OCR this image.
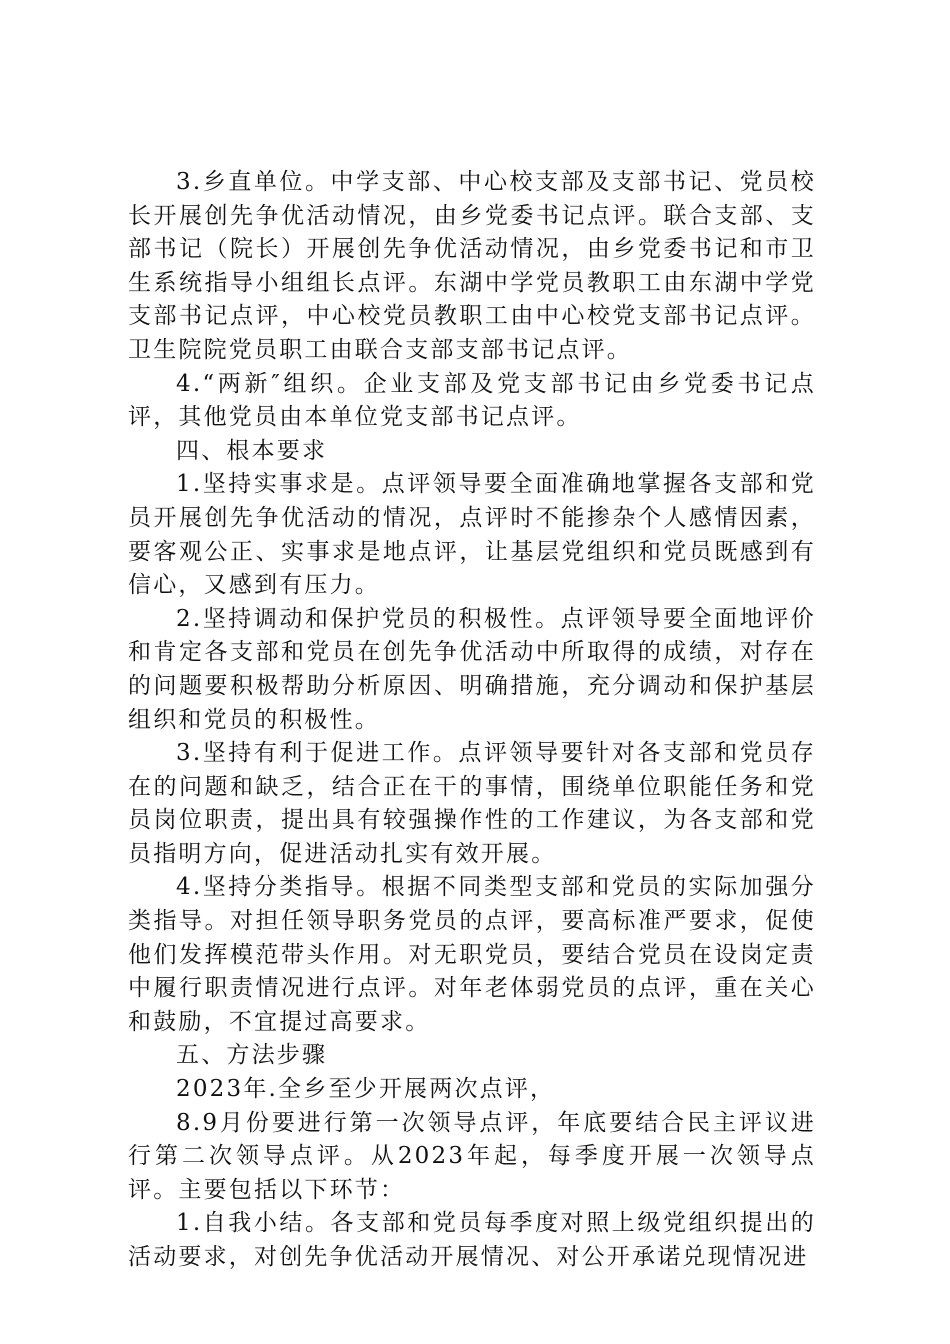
3.乡直单位。中学支部、中心校支部及支部书记、党员校长开展创先争优活动情况，由乡党委书记点评。联合支部、支部书记（院长）开展创先争优活动情况，由乡党委书记和市卫生系统指导小组组长点评。东湖中学党员教职工由东湖中学党支部书记点评，中心校党员教职工由中心校党支部书记点评。卫生院院党员职工由联合支部支部书记点评。

4.“两新″组织。企业支部及党支部书记由乡党委书记点评，其他党员由本单位党支部书记点评。

四、根本要求

1.坚持实事求是。点评领导要全面准确地掌握各支部和党员开展创先争优活动的情况，点评时不能掺杂个人感情因素，要客观公正、实事求是地点评，让基层党组织和党员既感到有信心，又感到有压力。

2.坚持调动和保护党员的积极性。点评领导要全面地评价和肯定各支部和党员在创先争优活动中所取得的成绩，对存在的问题要积极帮助分析原因、明确措施，充分调动和保护基层组织和党员的积极性。

3.坚持有利于促进工作。点评领导要针对各支部和党员存在的问题和缺乏，结合正在干的事情，围绕单位职能任务和党员岗位职责，提出具有较强操作性的工作建议，为各支部和党员指明方向，促进活动扎实有效开展。

4.坚持分类指导。根据不同类型支部和党员的实际加强分类指导。对担任领导职务党员的点评，要高标准严要求，促使他们发挥模范带头作用。对无职党员，要结合党员在设岗定责中履行职责情况进行点评。对年老体弱党员的点评，重在关心和鼓励，不宜提过高要求。

五、方法步骤

2023年.全乡至少开展两次点评，

8.9月份要进行第一次领导点评，年底要结合民主评议进行第二次领导点评。从2023年起，每季度开展一次领导点评。主要包括以下环节：

1.自我小结。各支部和党员每季度对照上级党组织提出的活动要求，对创先争优活动开展情况、对公开承诺兑现情况进
